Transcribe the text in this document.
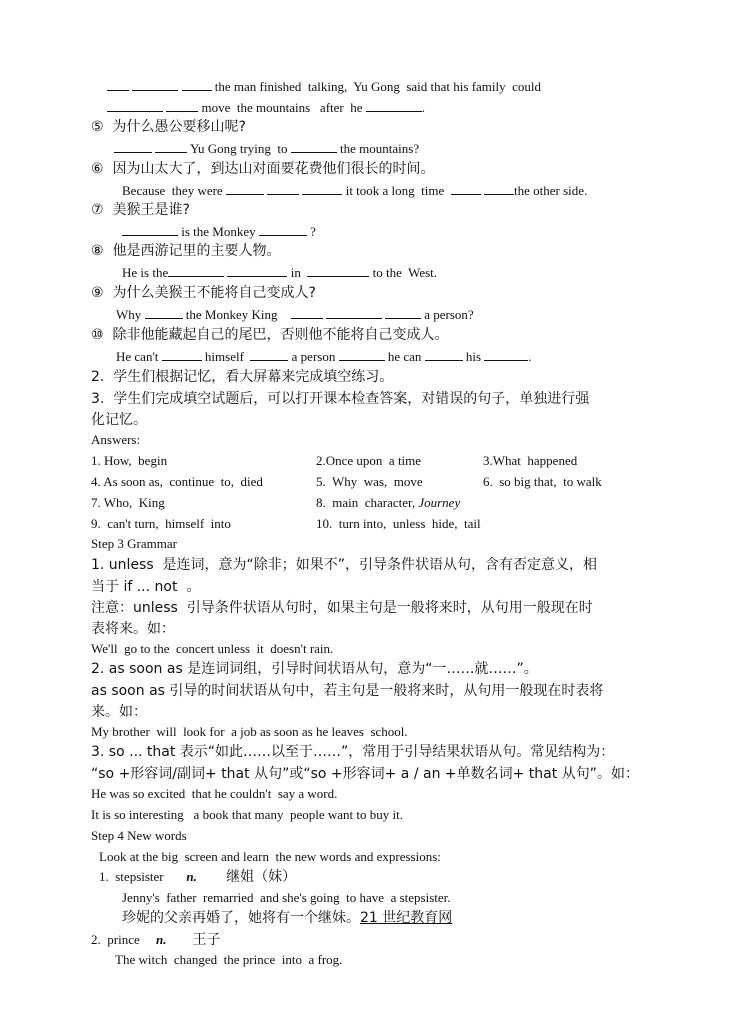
the man finished  talking,  Yu Gong  said that his family  could
move  the mountains   after  he	.
⑤  为什么愚公要移山呢?
Yu Gong trying  to	the mountains?
⑥  因为山太大了，到达山对面要花费他们很长的时间。
Because  they were	it took a long  time	the other side.
⑦  美猴王是谁?
is the Monkey	?
⑧  他是西游记里的主要人物。
He is the	in	to the  West.
⑨  为什么美猴王不能将自己变成人?
Why	the Monkey King	a person?
⑩  除非他能藏起自己的尾巴，否则他不能将自己变成人。
He can't	himself	a person	he can	his	.
2.  学生们根据记忆，看大屏幕来完成填空练习。
3.  学生们完成填空试题后，可以打开课本检查答案，对错误的句子，单独进行强
化记忆。
Answers:
1. How,  begin	2.Once upon  a time	3.What  happened
4. As soon as,  continue  to,  died	5.  Why  was,  move	6.  so big that,  to walk
7. Who,  King	8.  main  character, Journey
9.  can't turn,  himself  into	10.  turn into,  unless  hide,  tail
Step 3 Grammar
1. unless  是连词，意为“除非；如果不”，引导条件状语从句，含有否定意义，相
当于 if ... not  。
注意：unless  引导条件状语从句时，如果主句是一般将来时，从句用一般现在时
表将来。如：
We'll  go to the  concert unless  it  doesn't rain.
2. as soon as 是连词词组，引导时间状语从句，意为“一……就……”。
as soon as 引导的时间状语从句中，若主句是一般将来时，从句用一般现在时表将
来。如：
My brother  will  look for  a job as soon as he leaves  school.
3. so ... that 表示“如此……以至于……”，常用于引导结果状语从句。常见结构为：
“so +形容词/副词+ that 从句”或“so +形容词+ a / an +单数名词+ that 从句”。如：
He was so excited  that he couldn't  say a word.
It is so interesting   a book that many  people want to buy it.
Step 4 New words
Look at the big  screen and learn  the new words and expressions:
1.  stepsister n. 继姐（妹）
Jenny's  father  remarried  and she's going  to have  a stepsister.
珍妮的父亲再婚了，她将有一个继妹。21 世纪教育网
2.  prince n. 王子
The witch  changed  the prince  into  a frog.
